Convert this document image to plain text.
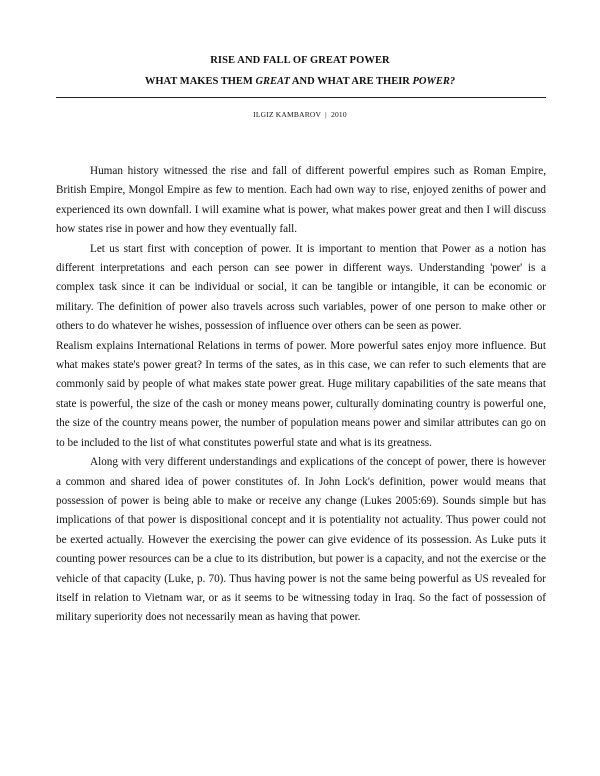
RISE AND FALL OF GREAT POWER
WHAT MAKES THEM GREAT AND WHAT ARE THEIR POWER?
ILGIZ KAMBAROV  |  2010

Human history witnessed the rise and fall of different powerful empires such as Roman Empire, British Empire, Mongol Empire as few to mention. Each had own way to rise, enjoyed zeniths of power and experienced its own downfall. I will examine what is power, what makes power great and then I will discuss how states rise in power and how they eventually fall.

Let us start first with conception of power. It is important to mention that Power as a notion has different interpretations and each person can see power in different ways. Understanding 'power' is a complex task since it can be individual or social, it can be tangible or intangible, it can be economic or military. The definition of power also travels across such variables, power of one person to make other or others to do whatever he wishes, possession of influence over others can be seen as power.

Realism explains International Relations in terms of power. More powerful sates enjoy more influence. But what makes state's power great? In terms of the sates, as in this case, we can refer to such elements that are commonly said by people of what makes state power great. Huge military capabilities of the sate means that state is powerful, the size of the cash or money means power, culturally dominating country is powerful one, the size of the country means power, the number of population means power and similar attributes can go on to be included to the list of what constitutes powerful state and what is its greatness.

Along with very different understandings and explications of the concept of power, there is however a common and shared idea of power constitutes of. In John Lock's definition, power would means that possession of power is being able to make or receive any change (Lukes 2005:69). Sounds simple but has implications of that power is dispositional concept and it is potentiality not actuality. Thus power could not be exerted actually. However the exercising the power can give evidence of its possession. As Luke puts it counting power resources can be a clue to its distribution, but power is a capacity, and not the exercise or the vehicle of that capacity (Luke, p. 70). Thus having power is not the same being powerful as US revealed for itself in relation to Vietnam war, or as it seems to be witnessing today in Iraq. So the fact of possession of military superiority does not necessarily mean as having that power.
